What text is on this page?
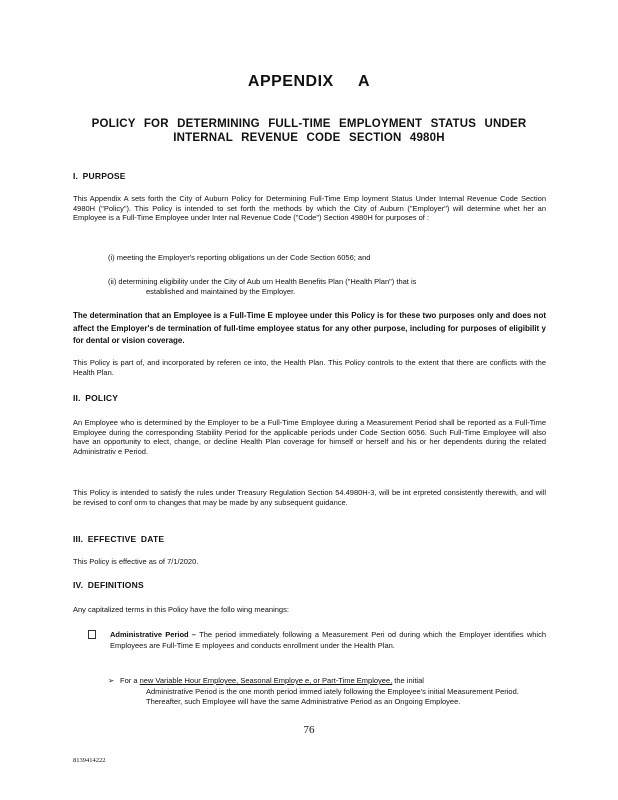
APPENDIX A
POLICY FOR DETERMINING FULL-TIME EMPLOYMENT STATUS UNDER
INTERNAL REVENUE CODE SECTION 4980H
I. PURPOSE

This Appendix A sets forth the City of Auburn Policy for Determining Full-Time Emp loyment Status Under Internal Revenue Code Section 4980H ("Policy"). This Policy is intended to set forth the methods by which the City of Auburn ("Employer") will determine whet her an Employee is a Full-Time Employee under Inter nal Revenue Code ("Code") Section 4980H for purposes of :

(i) meeting the Employer's reporting obligations un der Code Section 6056; and

(ii) determining eligibility under the City of Aub urn Health Benefits Plan ("Health Plan") that is
established and maintained by the Employer.

The determination that an Employee is a Full-Time E mployee under this Policy is for these two purposes only and does not affect the Employer's de termination of full-time employee status for any other purpose, including for purposes of eligibilit y for dental or vision coverage.

This Policy is part of, and incorporated by referen ce into, the Health Plan. This Policy controls to the extent that there are conflicts with the Health Plan.

II. POLICY

An Employee who is determined by the Employer to be a Full-Time Employee during a Measurement Period shall be reported as a Full-Time Employee during the corresponding Stability Period for the applicable periods under Code Section 6056. Such Full-Time Employee will also have an opportunity to elect, change, or decline Health Plan coverage for himself or herself and his or her dependents during the related Administrativ e Period.

This Policy is intended to satisfy the rules under Treasury Regulation Section 54.4980H-3, will be int erpreted consistently therewith, and will be revised to conf orm to changes that may be made by any subsequent guidance.

III. EFFECTIVE DATE

This Policy is effective as of 7/1/2020.

IV. DEFINITIONS

Any capitalized terms in this Policy have the follo wing meanings:

Administrative Period – The period immediately following a Measurement Peri od during which the Employer identifies which Employees are Full-Time E mployees and conducts enrollment under the Health Plan.
➢ For a new Variable Hour Employee, Seasonal Employe e, or Part-Time Employee, the initial
Administrative Period is the one month period immed iately following the Employee's initial Measurement Period. Thereafter, such Employee will have the same Administrative Period as an Ongoing Employee.
76
8139414222
